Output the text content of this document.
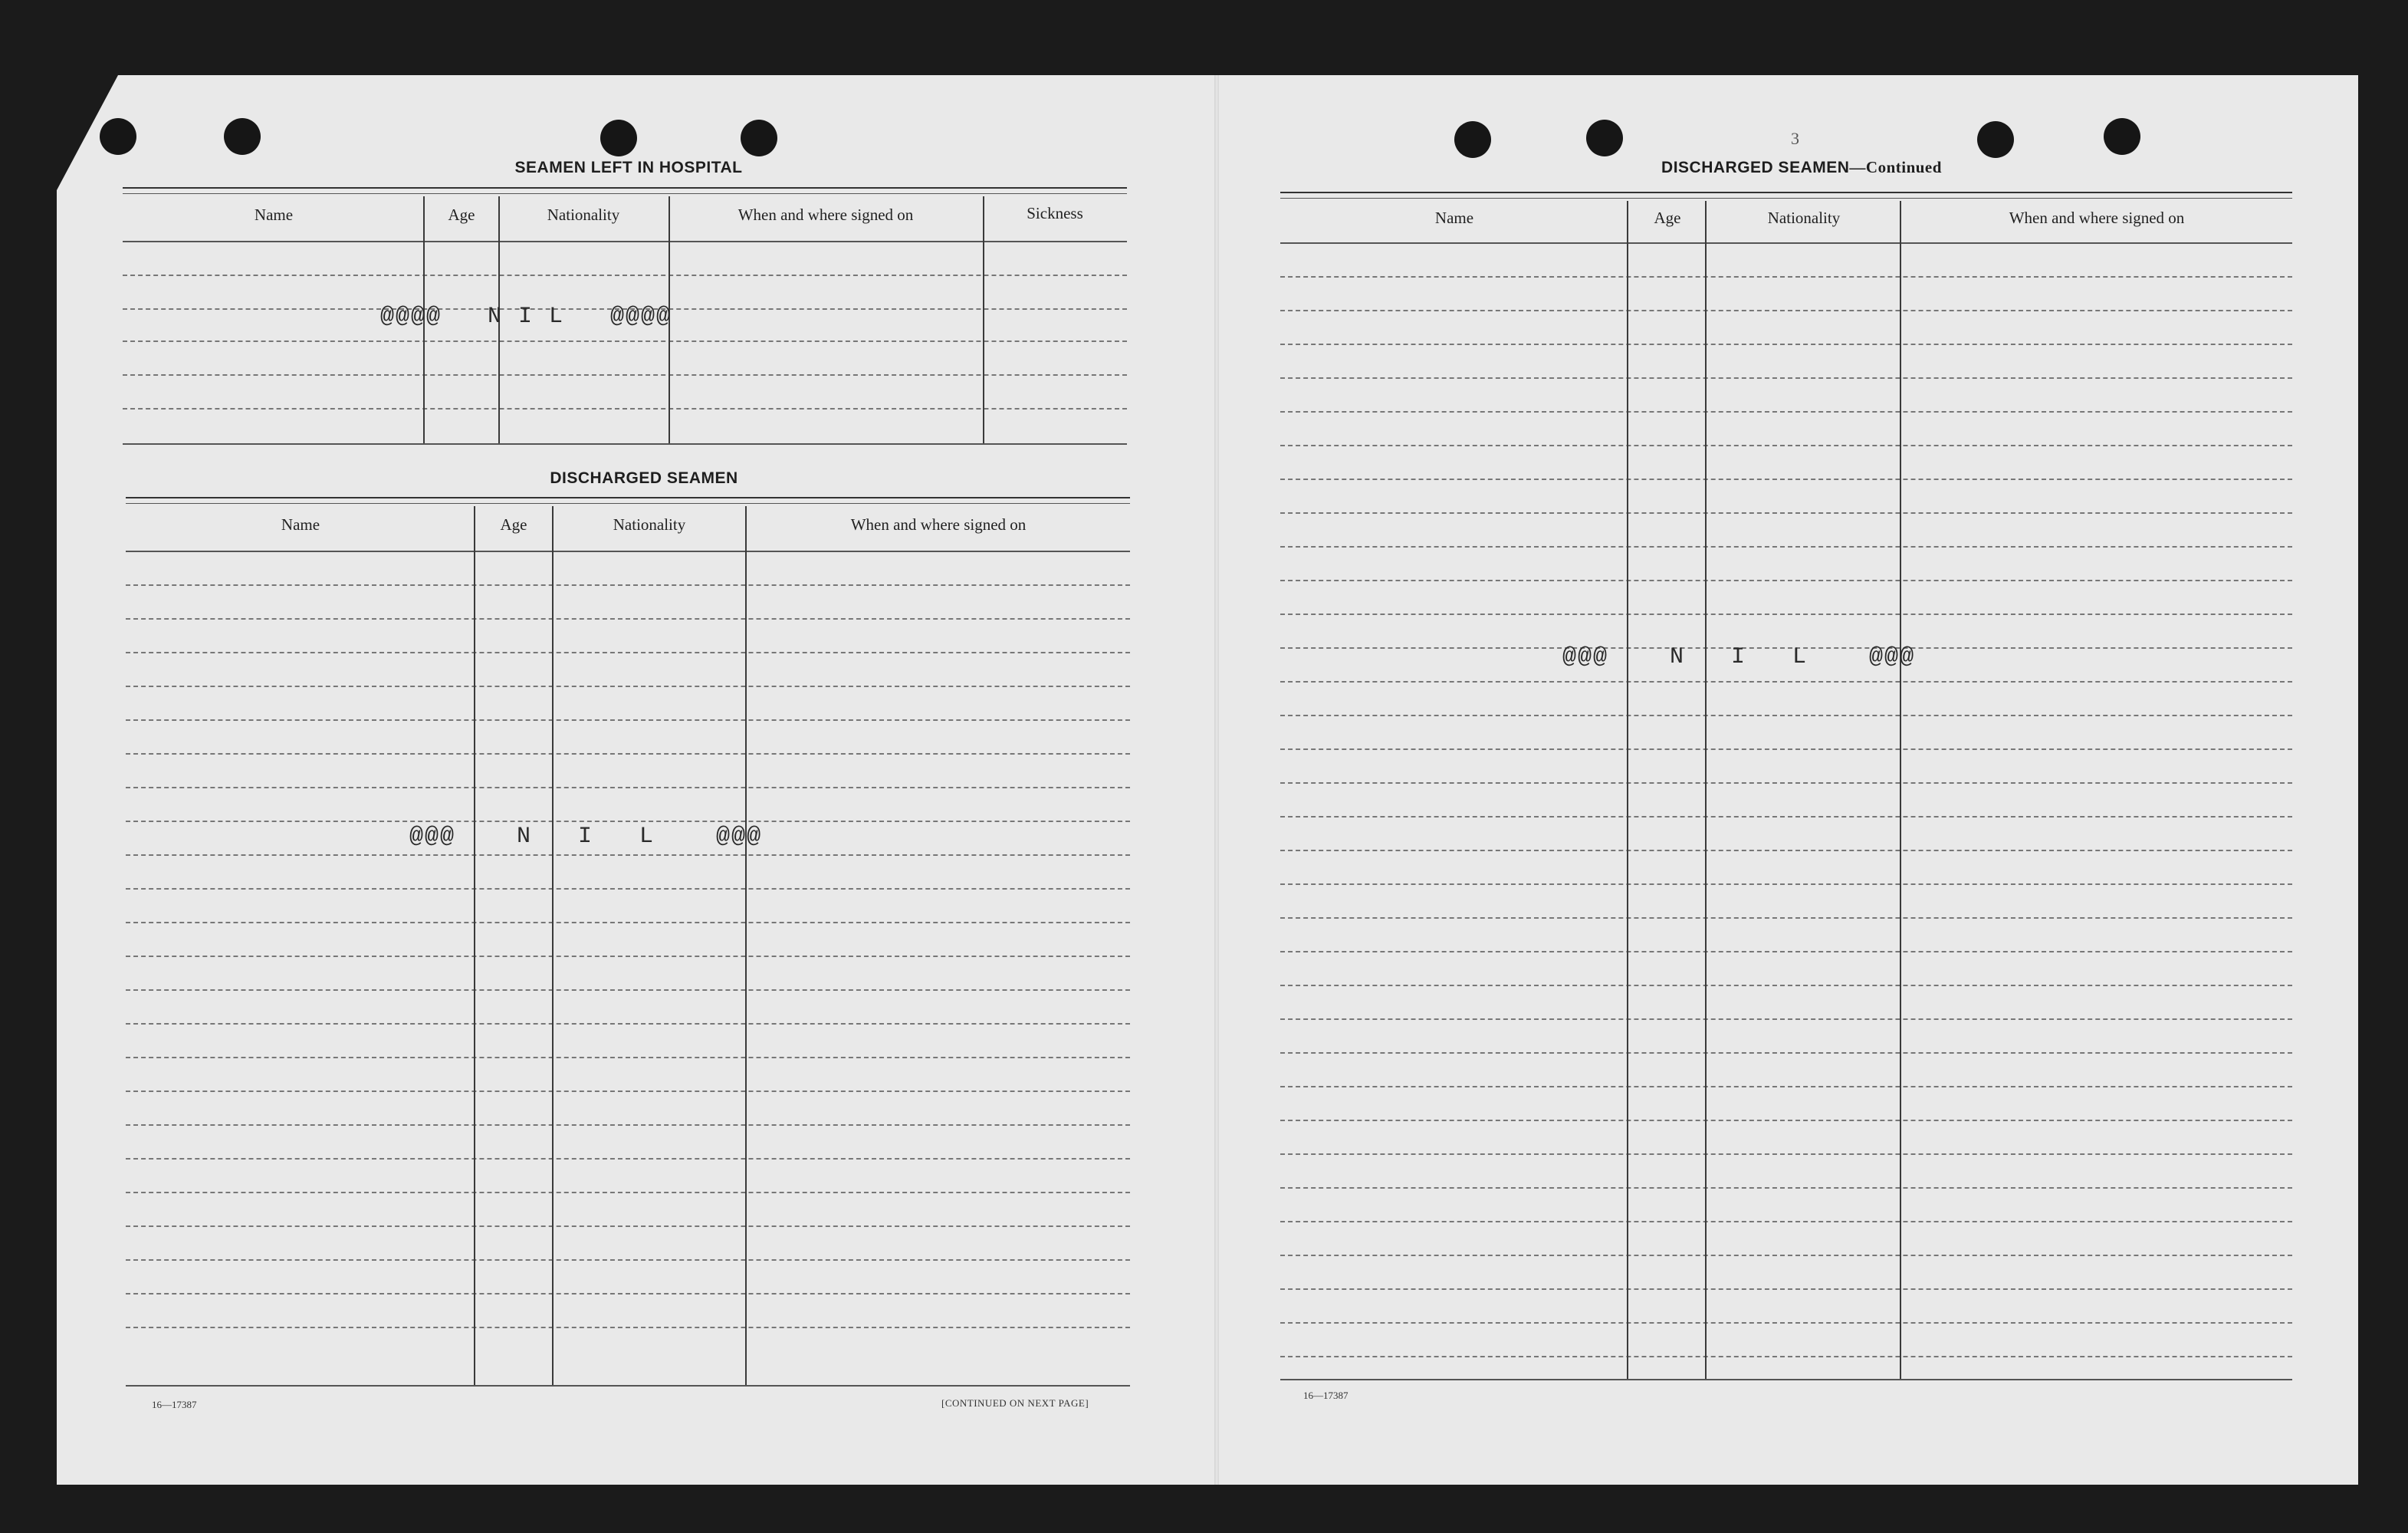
3
SEAMEN LEFT IN HOSPITAL
Name	Age	Nationality	When and where signed on	Sickness
@@@@   N I L   @@@@
DISCHARGED SEAMEN
Name	Age	Nationality	When and where signed on
@@@    N   I   L    @@@
16—17387	[CONTINUED ON NEXT PAGE]
DISCHARGED SEAMEN—Continued
Name	Age	Nationality	When and where signed on
@@@    N   I   L    @@@
16—17387
